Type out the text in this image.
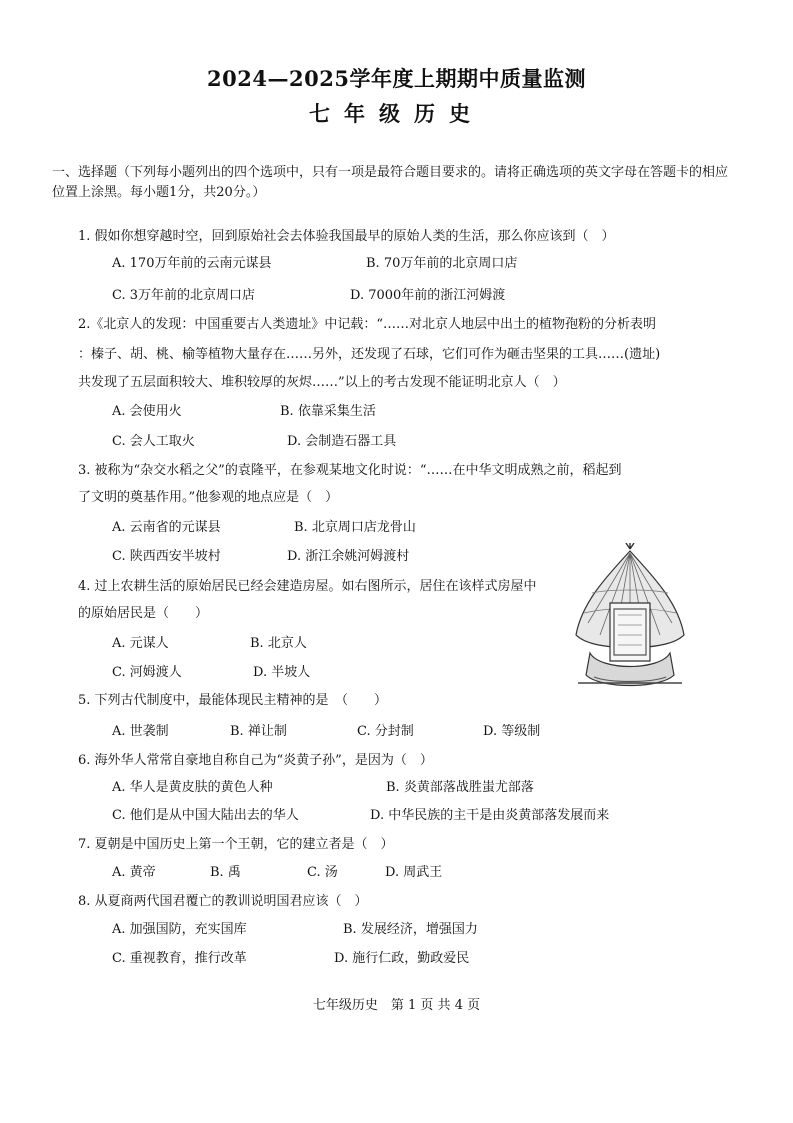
2024—2025学年度上期期中质量监测
七年级历史
一、选择题（下列每小题列出的四个选项中，只有一项是最符合题目要求的。请将正确选项的英文字母在答题卡的相应位置上涂黑。每小题1分，共20分。）
1. 假如你想穿越时空，回到原始社会去体验我国最早的原始人类的生活，那么你应该到（　）
A. 170万年前的云南元谋县	B. 70万年前的北京周口店
C. 3万年前的北京周口店	D. 7000年前的浙江河姆渡
2.《北京人的发现：中国重要古人类遗址》中记载：“……对北京人地层中出土的植物孢粉的分析表明
：榛子、胡、桃、榆等植物大量存在……另外，还发现了石球，它们可作为砸击坚果的工具……(遗址)
共发现了五层面积较大、堆积较厚的灰烬……”以上的考古发现不能证明北京人（　）
A. 会使用火	B. 依靠采集生活
C. 会人工取火	D. 会制造石器工具
3. 被称为“杂交水稻之父”的袁隆平，在参观某地文化时说：“……在中华文明成熟之前，稻起到
了文明的奠基作用。”他参观的地点应是（　）
A. 云南省的元谋县	B. 北京周口店龙骨山
C. 陕西西安半坡村	D. 浙江余姚河姆渡村
4. 过上农耕生活的原始居民已经会建造房屋。如右图所示，居住在该样式房屋中
的原始居民是（　　）
A. 元谋人	B. 北京人
C. 河姆渡人	D. 半坡人
5. 下列古代制度中，最能体现民主精神的是　（　　）
A. 世袭制	B. 禅让制	C. 分封制	D. 等级制
6. 海外华人常常自豪地自称自己为“炎黄子孙”，是因为（　）
A. 华人是黄皮肤的黄色人种	B. 炎黄部落战胜蚩尤部落
C. 他们是从中国大陆出去的华人	D. 中华民族的主干是由炎黄部落发展而来
7. 夏朝是中国历史上第一个王朝，它的建立者是（　）
A. 黄帝	B. 禹	C. 汤	D. 周武王
8. 从夏商两代国君覆亡的教训说明国君应该（　）
A. 加强国防，充实国库	B. 发展经济，增强国力
C. 重视教育，推行改革	D. 施行仁政，勤政爱民
七年级历史　第 1 页 共 4 页
